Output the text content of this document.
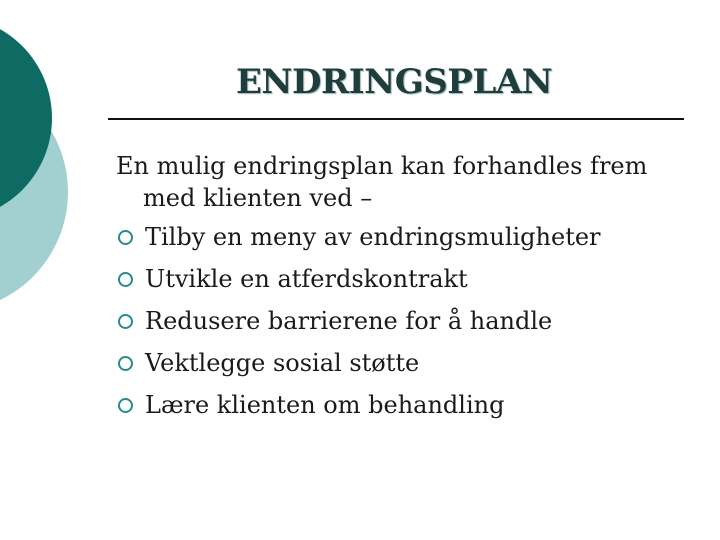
ENDRINGSPLAN

En mulig endringsplan kan forhandles frem
med klienten ved –

Tilby en meny av endringsmuligheter
Utvikle en atferdskontrakt
Redusere barrierene for å handle
Vektlegge sosial støtte
Lære klienten om behandling
